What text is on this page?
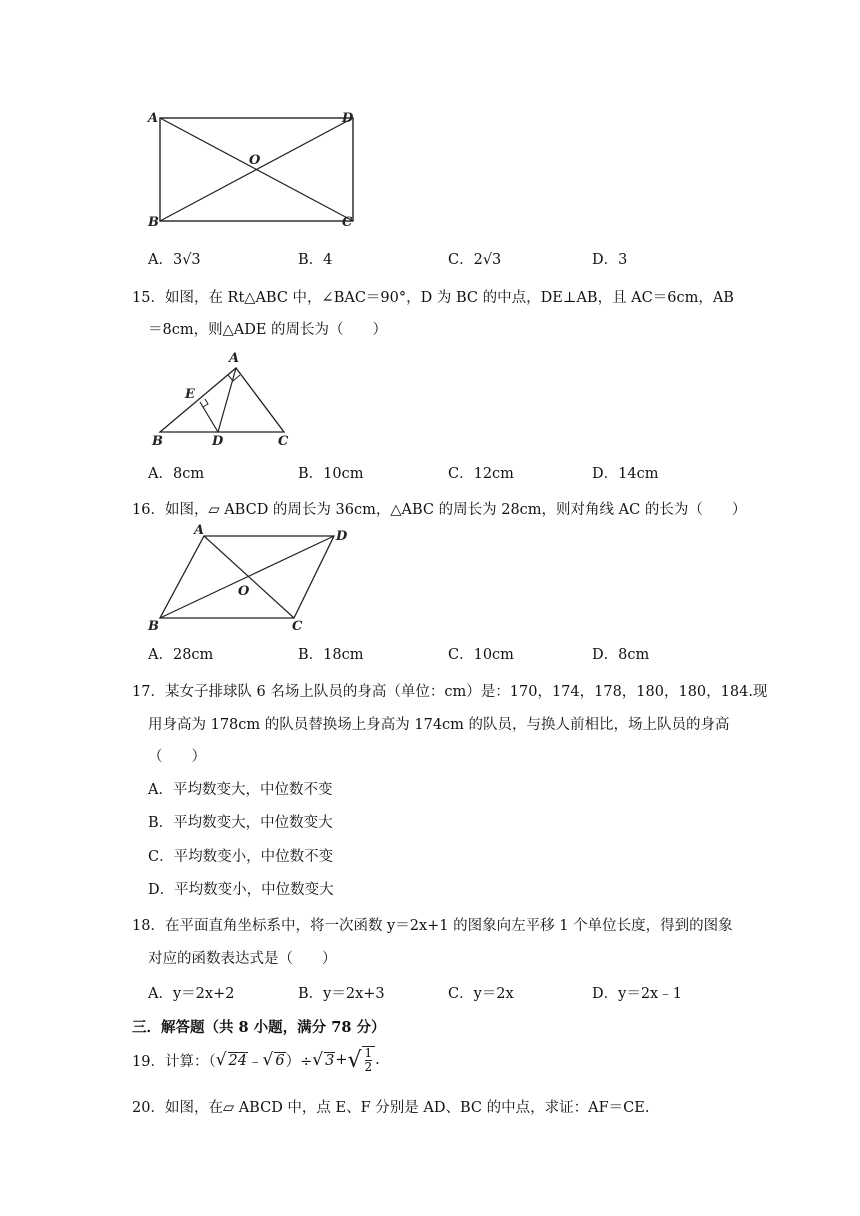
A	D
O
B	C
A．3√3	B．4	C．2√3	D．3
15．如图，在 Rt△ABC 中，∠BAC＝90°，D 为 BC 的中点，DE⊥AB，且 AC＝6cm，AB
＝8cm，则△ADE 的周长为（　　）
A
E
B	D	C
A．8cm	B．10cm	C．12cm	D．14cm
16．如图，▱ ABCD 的周长为 36cm，△ABC 的周长为 28cm，则对角线 AC 的长为（　　）
A	D
O
B	C
A．28cm	B．18cm	C．10cm	D．8cm
17．某女子排球队 6 名场上队员的身高（单位：cm）是：170，174，178，180，180，184.现
用身高为 178cm 的队员替换场上身高为 174cm 的队员，与换人前相比，场上队员的身高
（　　）
A．平均数变大，中位数不变
B．平均数变大，中位数变大
C．平均数变小，中位数不变
D．平均数变小，中位数变大
18．在平面直角坐标系中，将一次函数 y＝2x+1 的图象向左平移 1 个单位长度，得到的图象
对应的函数表达式是（　　）
A．y＝2x+2	B．y＝2x+3	C．y＝2x	D．y＝2x﹣1
三．解答题（共 8 小题，满分 78 分）
19．计算：（ √ 24 ﹣ √ 6 ）÷ √ 3 + √ $\frac{1}{2}$ .
20．如图，在▱ ABCD 中，点 E、F 分别是 AD、BC 的中点，求证：AF＝CE.
